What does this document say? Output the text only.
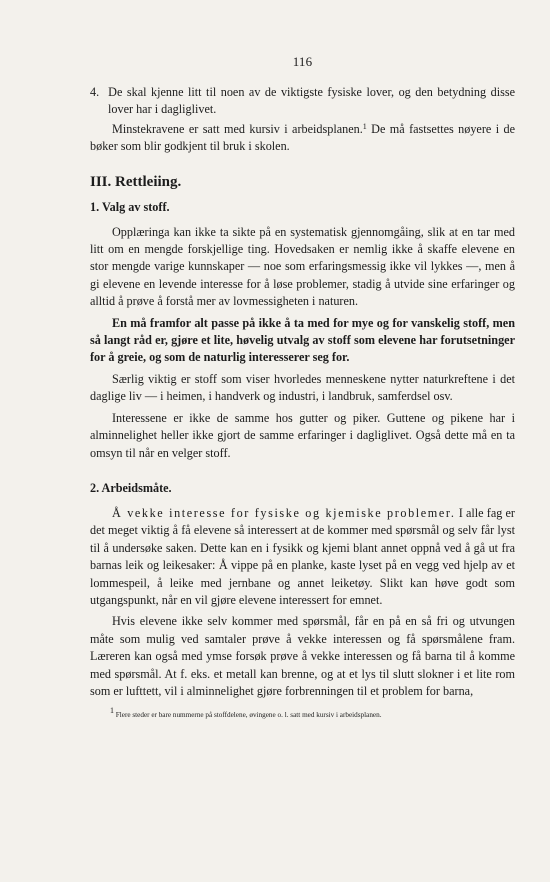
116

4. De skal kjenne litt til noen av de viktigste fysiske lover, og den betydning disse lover har i dagliglivet.

Minstekravene er satt med kursiv i arbeidsplanen.$^1$ De må fastsettes nøyere i de bøker som blir godkjent til bruk i skolen.

III. Rettleiing.
1. Valg av stoff.

Opplæringa kan ikke ta sikte på en systematisk gjennomgåing, slik at en tar med litt om en mengde forskjellige ting. Hovedsaken er nemlig ikke å skaffe elevene en stor mengde varige kunnskaper — noe som erfaringsmessig ikke vil lykkes —, men å gi elevene en levende interesse for å løse problemer, stadig å utvide sine erfaringer og alltid å prøve å forstå mer av lovmessigheten i naturen.

En må framfor alt passe på ikke å ta med for mye og for vanskelig stoff, men så langt råd er, gjøre et lite, høvelig utvalg av stoff som elevene har forutsetninger for å greie, og som de naturlig interesserer seg for.

Særlig viktig er stoff som viser hvorledes menneskene nytter naturkreftene i det daglige liv — i heimen, i handverk og industri, i landbruk, samferdsel osv.

Interessene er ikke de samme hos gutter og piker. Guttene og pikene har i alminnelighet heller ikke gjort de samme erfaringer i dagliglivet. Også dette må en ta omsyn til når en velger stoff.

2. Arbeidsmåte.

Å vekke interesse for fysiske og kjemiske problemer. I alle fag er det meget viktig å få elevene så interessert at de kommer med spørsmål og selv får lyst til å undersøke saken. Dette kan en i fysikk og kjemi blant annet oppnå ved å gå ut fra barnas leik og leikesaker: Å vippe på en planke, kaste lyset på en vegg ved hjelp av et lommespeil, å leike med jernbane og annet leiketøy. Slikt kan høve godt som utgangspunkt, når en vil gjøre elevene interessert for emnet.

Hvis elevene ikke selv kommer med spørsmål, får en på en så fri og utvungen måte som mulig ved samtaler prøve å vekke interessen og få spørsmålene fram. Læreren kan også med ymse forsøk prøve å vekke interessen og få barna til å komme med spørsmål. At f. eks. et metall kan brenne, og at et lys til slutt slokner i et lite rom som er lufttett, vil i alminnelighet gjøre forbrenningen til et problem for barna,

$^1$ Flere steder er bare nummerne på stoffdelene, øvingene o. l. satt med kursiv i arbeidsplanen.
